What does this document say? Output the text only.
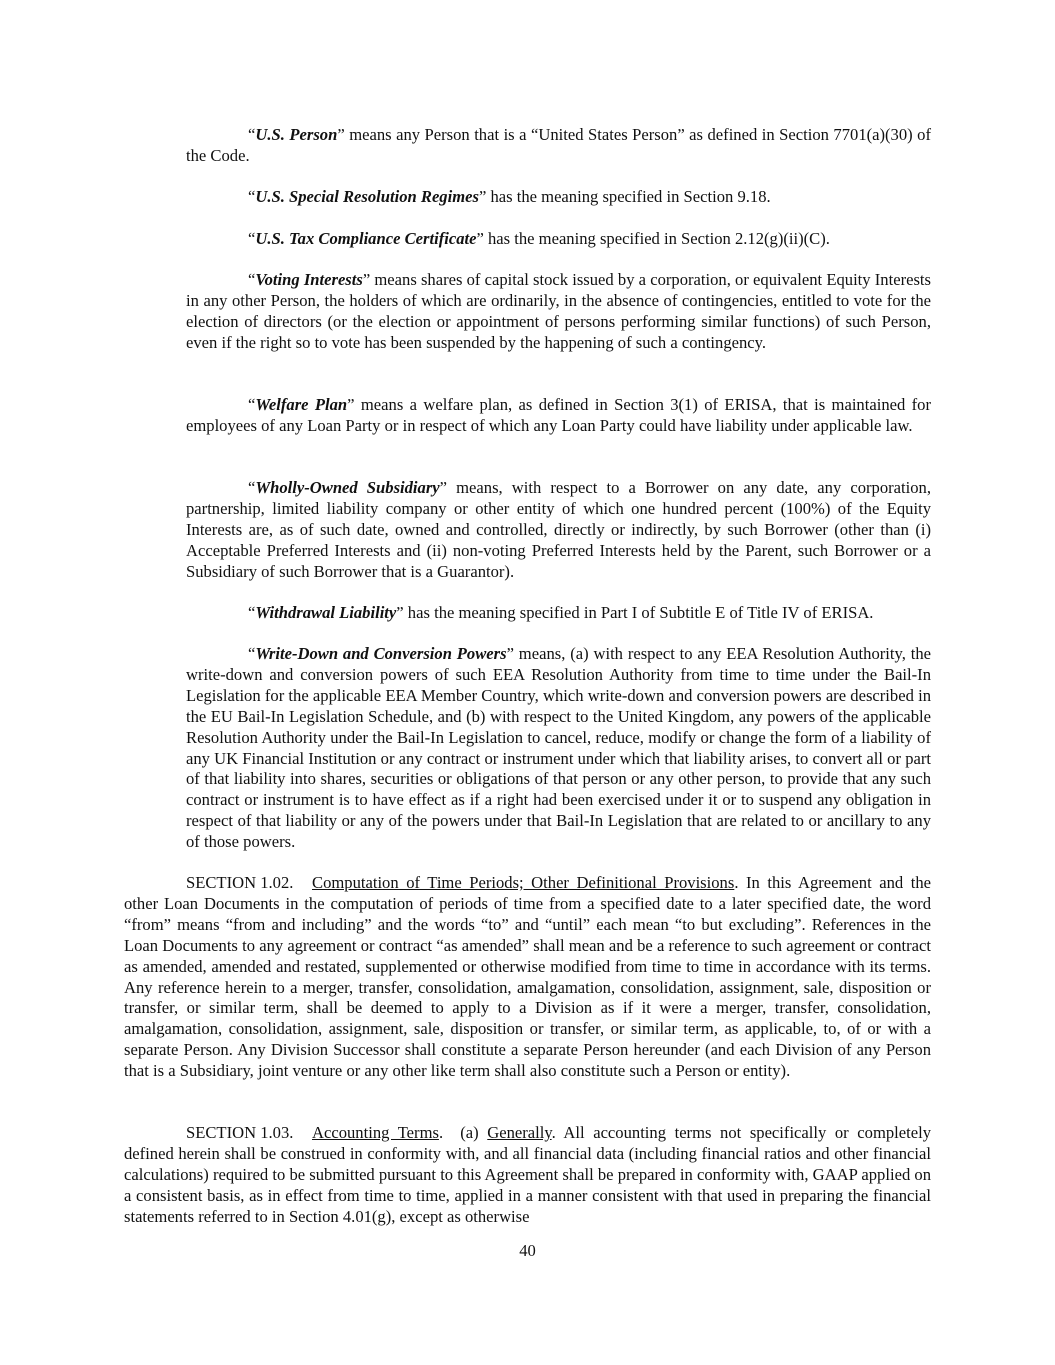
“U.S. Person” means any Person that is a “United States Person” as defined in Section 7701(a)(30) of the Code.

“U.S. Special Resolution Regimes” has the meaning specified in Section 9.18.

“U.S. Tax Compliance Certificate” has the meaning specified in Section 2.12(g)(ii)(C).

“Voting Interests” means shares of capital stock issued by a corporation, or equivalent Equity Interests in any other Person, the holders of which are ordinarily, in the absence of contingencies, entitled to vote for the election of directors (or the election or appointment of persons performing similar functions) of such Person, even if the right so to vote has been suspended by the happening of such a contingency.

“Welfare Plan” means a welfare plan, as defined in Section 3(1) of ERISA, that is maintained for employees of any Loan Party or in respect of which any Loan Party could have liability under applicable law.

“Wholly-Owned Subsidiary” means, with respect to a Borrower on any date, any corporation, partnership, limited liability company or other entity of which one hundred percent (100%) of the Equity Interests are, as of such date, owned and controlled, directly or indirectly, by such Borrower (other than (i) Acceptable Preferred Interests and (ii) non-voting Preferred Interests held by the Parent, such Borrower or a Subsidiary of such Borrower that is a Guarantor).

“Withdrawal Liability” has the meaning specified in Part I of Subtitle E of Title IV of ERISA.

“Write-Down and Conversion Powers” means, (a) with respect to any EEA Resolution Authority, the write-down and conversion powers of such EEA Resolution Authority from time to time under the Bail-In Legislation for the applicable EEA Member Country, which write-down and conversion powers are described in the EU Bail-In Legislation Schedule, and (b) with respect to the United Kingdom, any powers of the applicable Resolution Authority under the Bail-In Legislation to cancel, reduce, modify or change the form of a liability of any UK Financial Institution or any contract or instrument under which that liability arises, to convert all or part of that liability into shares, securities or obligations of that person or any other person, to provide that any such contract or instrument is to have effect as if a right had been exercised under it or to suspend any obligation in respect of that liability or any of the powers under that Bail-In Legislation that are related to or ancillary to any of those powers.

SECTION 1.02. Computation of Time Periods; Other Definitional Provisions. In this Agreement and the other Loan Documents in the computation of periods of time from a specified date to a later specified date, the word “from” means “from and including” and the words “to” and “until” each mean “to but excluding”. References in the Loan Documents to any agreement or contract “as amended” shall mean and be a reference to such agreement or contract as amended, amended and restated, supplemented or otherwise modified from time to time in accordance with its terms. Any reference herein to a merger, transfer, consolidation, amalgamation, consolidation, assignment, sale, disposition or transfer, or similar term, shall be deemed to apply to a Division as if it were a merger, transfer, consolidation, amalgamation, consolidation, assignment, sale, disposition or transfer, or similar term, as applicable, to, of or with a separate Person. Any Division Successor shall constitute a separate Person hereunder (and each Division of any Person that is a Subsidiary, joint venture or any other like term shall also constitute such a Person or entity).

SECTION 1.03. Accounting Terms.  (a) Generally. All accounting terms not specifically or completely defined herein shall be construed in conformity with, and all financial data (including financial ratios and other financial calculations) required to be submitted pursuant to this Agreement shall be prepared in conformity with, GAAP applied on a consistent basis, as in effect from time to time, applied in a manner consistent with that used in preparing the financial statements referred to in Section 4.01(g), except as otherwise

40
